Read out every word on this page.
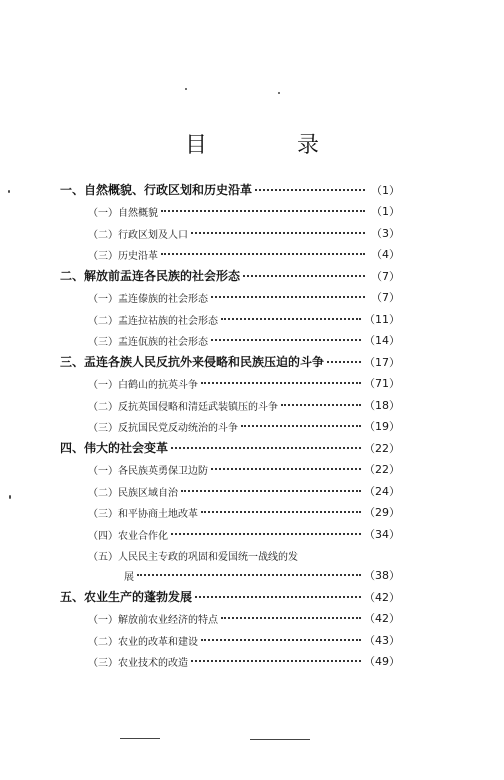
目　录
一、 自然概貌、行政区划和历史沿革	（1）
（一） 自然概貌	（1）
（二） 行政区划及人口	（3）
（三） 历史沿革	（4）
二、 解放前盂连各民族的社会形态	（7）
（一） 盂连傣族的社会形态	（7）
（二） 盂连拉祜族的社会形态	（11）
（三） 盂连佤族的社会形态	（14）
三、 盂连各族人民反抗外来侵略和民族压迫的斗争	（17）
（一） 白鹤山的抗英斗争	（71）
（二） 反抗英国侵略和清廷武装镇压的斗争	（18）
（三） 反抗国民党反动统治的斗争	（19）
四、 伟大的社会变革	（22）
（一） 各民族英勇保卫边防	（22）
（二） 民族区域自治	（24）
（三） 和平协商土地改革	（29）
（四） 农业合作化	（34）
（五） 人民民主专政的巩固和爱国统一战线的发
展	（38）
五、 农业生产的蓬勃发展	（42）
（一） 解放前农业经济的特点	（42）
（二） 农业的改革和建设	（43）
（三） 农业技术的改造	（49）
